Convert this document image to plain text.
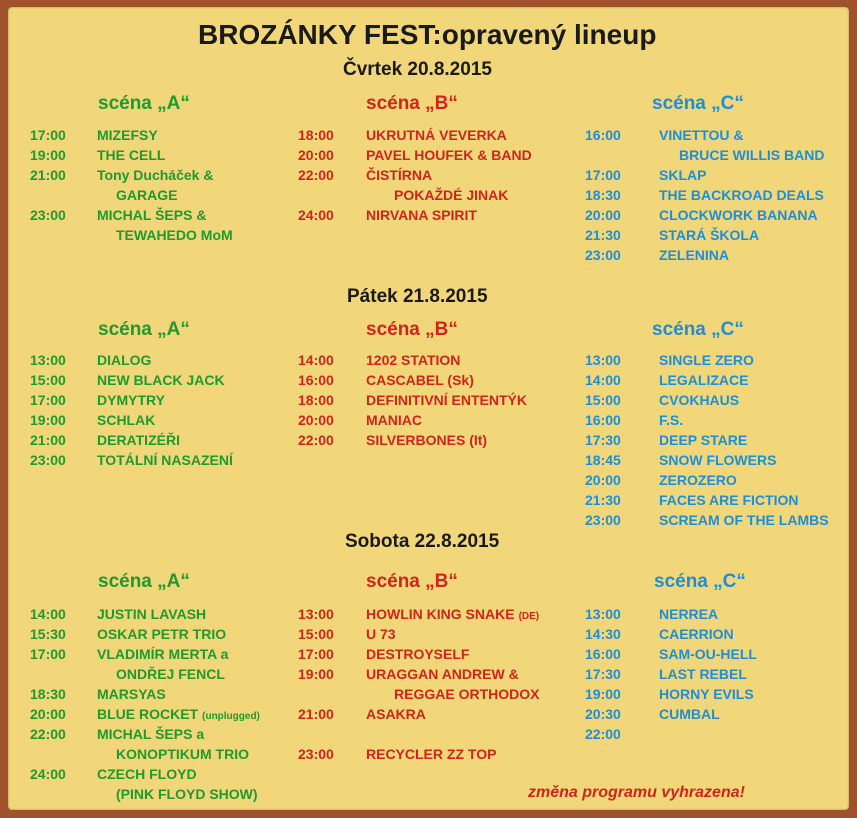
BROZÁNKY FEST:opravený lineup
Čvrtek 20.8.2015
scéna „A“	scéna „B“	scéna „C“
17:00 MIZEFSY
19:00 THE CELL
21:00 Tony Ducháček &
GARAGE
23:00 MICHAL ŠEPS &
TEWAHEDO MoM
18:00 UKRUTNÁ VEVERKA
20:00 PAVEL HOUFEK & BAND
22:00 ČISTÍRNA
POKAŽDÉ JINAK
24:00 NIRVANA SPIRIT
16:00	VINETTOU &
BRUCE WILLIS BAND
17:00	SKLAP
18:30	THE BACKROAD DEALS
20:00	CLOCKWORK BANANA
21:30	STARÁ ŠKOLA
23:00	ZELENINA
Pátek 21.8.2015
scéna „A“	scéna „B“	scéna „C“
13:00 DIALOG
15:00 NEW BLACK JACK
17:00 DYMYTRY
19:00 SCHLAK
21:00 DERATIZÉŘI
23:00 TOTÁLNÍ NASAZENÍ
14:00 1202 STATION
16:00 CASCABEL (Sk)
18:00 DEFINITIVNÍ ENTENTÝK
20:00 MANIAC
22:00 SILVERBONES (It)
13:00	SINGLE ZERO
14:00	LEGALIZACE
15:00	CVOKHAUS
16:00	F.S.
17:30	DEEP STARE
18:45	SNOW FLOWERS
20:00	ZEROZERO
21:30	FACES ARE FICTION
23:00	SCREAM OF THE LAMBS
Sobota 22.8.2015
scéna „A“	scéna „B“	scéna „C“
14:00 JUSTIN LAVASH
15:30 OSKAR PETR TRIO
17:00 VLADIMÍR MERTA a
ONDŘEJ FENCL
18:30 MARSYAS
20:00 BLUE ROCKET (unplugged)
22:00 MICHAL ŠEPS a
KONOPTIKUM TRIO
24:00 CZECH FLOYD
(PINK FLOYD SHOW)
13:00 HOWLIN KING SNAKE (DE)
15:00 U 73
17:00 DESTROYSELF
19:00 URAGGAN ANDREW &
REGGAE ORTHODOX
21:00 ASAKRA
23:00 RECYCLER ZZ TOP
13:00	NERREA
14:30	CAERRION
16:00	SAM-OU-HELL
17:30	LAST REBEL
19:00	HORNY EVILS
20:30	CUMBAL
22:00
změna programu vyhrazena!
